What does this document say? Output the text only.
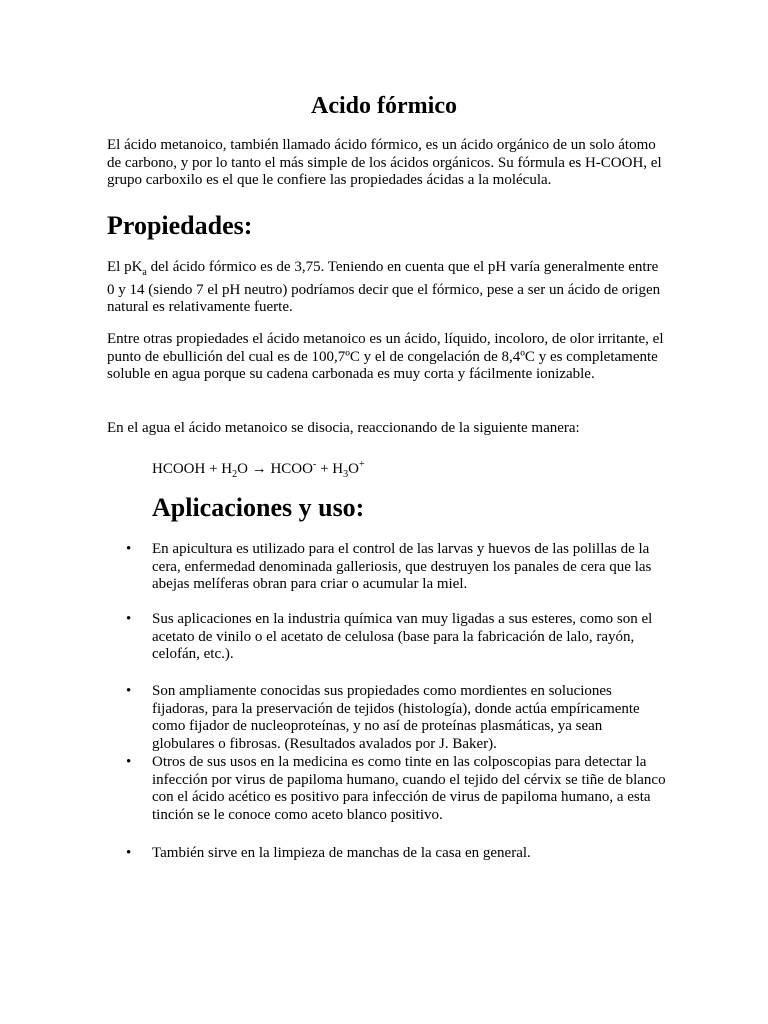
Acido fórmico

El ácido metanoico, también llamado ácido fórmico, es un ácido orgánico de un solo átomo de carbono, y por lo tanto el más simple de los ácidos orgánicos. Su fórmula es H-COOH, el grupo carboxilo es el que le confiere las propiedades ácidas a la molécula.

Propiedades:

El $pK_a$ del ácido fórmico es de 3,75. Teniendo en cuenta que el pH varía generalmente entre 0 y 14 (siendo 7 el pH neutro) podríamos decir que el fórmico, pese a ser un ácido de origen natural es relativamente fuerte.

Entre otras propiedades el ácido metanoico es un ácido, líquido, incoloro, de olor irritante, el punto de ebullición del cual es de 100,7ºC y el de congelación de 8,4ºC y es completamente soluble en agua porque su cadena carbonada es muy corta y fácilmente ionizable.

En el agua el ácido metanoico se disocia, reaccionando de la siguiente manera:

HCOOH + $H_2O$ → HCOO- + $H_3O^+$
Aplicaciones y uso:
• En apicultura es utilizado para el control de las larvas y huevos de las polillas de la cera, enfermedad denominada galleriosis, que destruyen los panales de cera que las abejas melíferas obran para criar o acumular la miel.

• Sus aplicaciones en la industria química van muy ligadas a sus esteres, como son el acetato de vinilo o el acetato de celulosa (base para la fabricación de lalo, rayón, celofán, etc.).

• Son ampliamente conocidas sus propiedades como mordientes en soluciones fijadoras, para la preservación de tejidos (histología), donde actúa empíricamente como fijador de nucleoproteínas, y no así de proteínas plasmáticas, ya sean globulares o fibrosas. (Resultados avalados por J. Baker).

• Otros de sus usos en la medicina es como tinte en las colposcopias para detectar la infección por virus de papiloma humano, cuando el tejido del cérvix se tiñe de blanco con el ácido acético es positivo para infección de virus de papiloma humano, a esta tinción se le conoce como aceto blanco positivo.

• También sirve en la limpieza de manchas de la casa en general.
